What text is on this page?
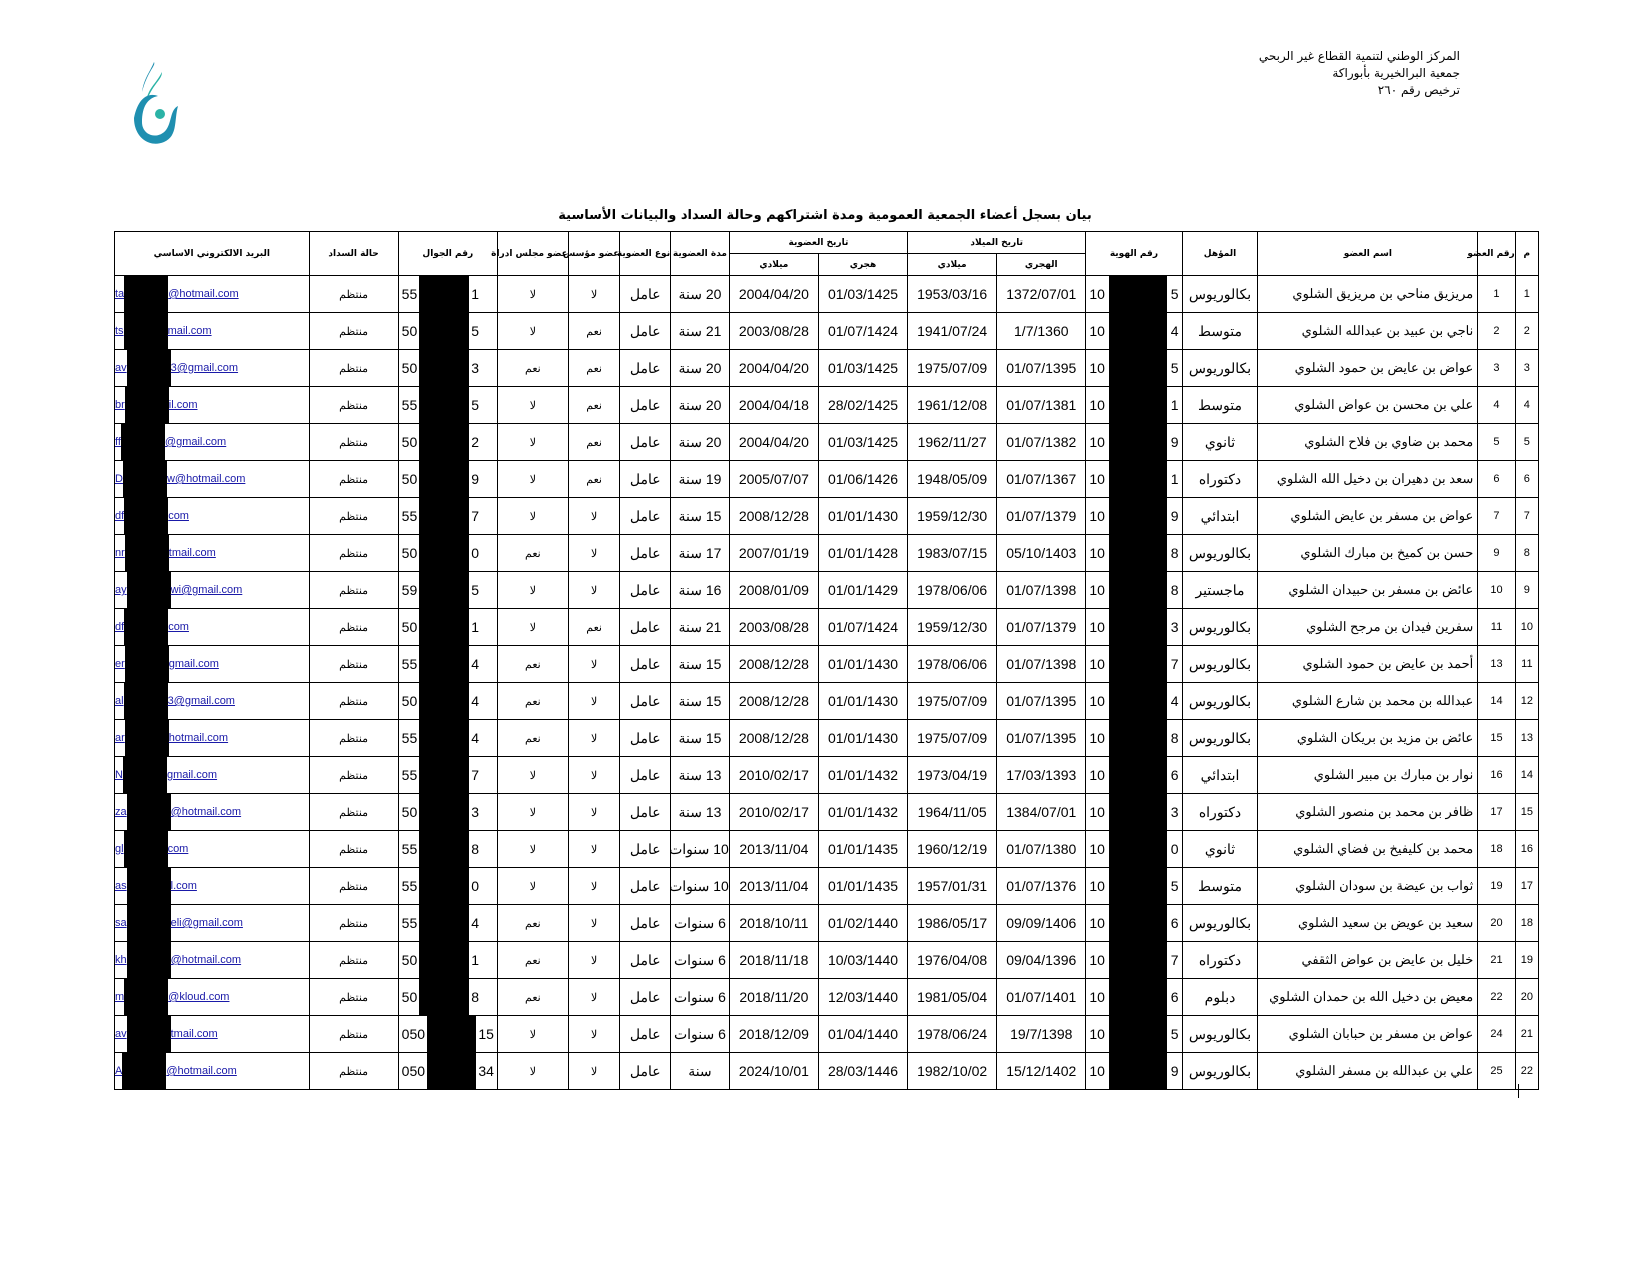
المركز الوطني لتنمية القطاع غير الربحي
جمعية البرالخيرية بأبوراكة
ترخيص رقم ٢٦٠
بيان بسجل أعضاء الجمعية العمومية ومدة اشتراكهم وحالة السداد والبيانات الأساسية
م	رقم العضو	اسم العضو	المؤهل	رقم الهوية	تاريخ الميلاد		تاريخ العضوية		مدة العضوية	نوع العضوية	عضو مؤسس	عضو مجلس ادراة	رقم الجوال	حالة السداد	البريد الالكتروني الاساسي
					الهجري	ميلادي	هجري	ميلادي							
1	1	مريزيق مناحي بن مريزيق الشلوي	بكالوريوس	10 5	1372/07/01	1953/03/16	01/03/1425	2004/04/20	20 سنة	عامل	لا	لا	55 1	منتظم	ta @hotmail.com

2	2	ناجي بن عبيد بن عبدالله الشلوي	متوسط	10 4	1/7/1360	1941/07/24	01/07/1424	2003/08/28	21 سنة	عامل	نعم	لا	50 5	منتظم	ts mail.com

3	3	عواض بن عايض بن حمود الشلوي	بكالوريوس	10 5	01/07/1395	1975/07/09	01/03/1425	2004/04/20	20 سنة	عامل	نعم	نعم	50 3	منتظم	av 3@gmail.com

4	4	علي بن محسن بن عواض الشلوي	متوسط	10 1	01/07/1381	1961/12/08	28/02/1425	2004/04/18	20 سنة	عامل	نعم	لا	55 5	منتظم	br il.com

5	5	محمد بن ضاوي بن فلاح الشلوي	ثانوي	10 9	01/07/1382	1962/11/27	01/03/1425	2004/04/20	20 سنة	عامل	نعم	لا	50 2	منتظم	ff @gmail.com

6	6	سعد بن دهيران بن دخيل الله الشلوي	دكتوراه	10 1	01/07/1367	1948/05/09	01/06/1426	2005/07/07	19 سنة	عامل	نعم	لا	50 9	منتظم	D w@hotmail.com

7	7	عواض بن مسفر بن عايض الشلوي	ابتدائي	10 9	01/07/1379	1959/12/30	01/01/1430	2008/12/28	15 سنة	عامل	لا	لا	55 7	منتظم	df com

8	9	حسن بن كميخ بن مبارك الشلوي	بكالوريوس	10 8	05/10/1403	1983/07/15	01/01/1428	2007/01/19	17 سنة	عامل	لا	نعم	50 0	منتظم	nr tmail.com

9	10	عائض بن مسفر بن حبيدان الشلوي	ماجستير	10 8	01/07/1398	1978/06/06	01/01/1429	2008/01/09	16 سنة	عامل	لا	لا	59 5	منتظم	ay wi@gmail.com

10	11	سفرين فيدان بن مرجح الشلوي	بكالوريوس	10 3	01/07/1379	1959/12/30	01/07/1424	2003/08/28	21 سنة	عامل	نعم	لا	50 1	منتظم	df com

11	13	أحمد بن عايض بن حمود الشلوي	بكالوريوس	10 7	01/07/1398	1978/06/06	01/01/1430	2008/12/28	15 سنة	عامل	لا	نعم	55 4	منتظم	er gmail.com

12	14	عبدالله بن محمد بن شارع الشلوي	بكالوريوس	10 4	01/07/1395	1975/07/09	01/01/1430	2008/12/28	15 سنة	عامل	لا	نعم	50 4	منتظم	al 3@gmail.com

13	15	عائض بن مزيد بن بريكان الشلوي	بكالوريوس	10 8	01/07/1395	1975/07/09	01/01/1430	2008/12/28	15 سنة	عامل	لا	نعم	55 4	منتظم	ar hotmail.com

14	16	نوار بن مبارك بن مبير الشلوي	ابتدائي	10 6	17/03/1393	1973/04/19	01/01/1432	2010/02/17	13 سنة	عامل	لا	لا	55 7	منتظم	N gmail.com

15	17	ظافر بن محمد بن منصور الشلوي	دكتوراه	10 3	1384/07/01	1964/11/05	01/01/1432	2010/02/17	13 سنة	عامل	لا	لا	50 3	منتظم	za @hotmail.com

16	18	محمد بن كليفيخ بن فضاي الشلوي	ثانوي	10 0	01/07/1380	1960/12/19	01/01/1435	2013/11/04	10 سنوات	عامل	لا	لا	55 8	منتظم	gl com

17	19	ثواب بن عيضة بن سودان الشلوي	متوسط	10 5	01/07/1376	1957/01/31	01/01/1435	2013/11/04	10 سنوات	عامل	لا	لا	55 0	منتظم	as l.com

18	20	سعيد بن عويض بن سعيد الشلوي	بكالوريوس	10 6	09/09/1406	1986/05/17	01/02/1440	2018/10/11	6 سنوات	عامل	لا	نعم	55 4	منتظم	sa eli@gmail.com

19	21	خليل بن عايض بن عواض الثقفي	دكتوراه	10 7	09/04/1396	1976/04/08	10/03/1440	2018/11/18	6 سنوات	عامل	لا	نعم	50 1	منتظم	kh @hotmail.com

20	22	معيض بن دخيل الله بن حمدان الشلوي	دبلوم	10 6	01/07/1401	1981/05/04	12/03/1440	2018/11/20	6 سنوات	عامل	لا	نعم	50 8	منتظم	m @kloud.com

21	24	عواض بن مسفر بن حبابان الشلوي	بكالوريوس	10 5	19/7/1398	1978/06/24	01/04/1440	2018/12/09	6 سنوات	عامل	لا	لا	050 15	منتظم	av tmail.com

22	25	علي بن عبدالله بن مسفر الشلوي	بكالوريوس	10 9	15/12/1402	1982/10/02	28/03/1446	2024/10/01	سنة	عامل	لا	لا	050 34	منتظم	A @hotmail.com
